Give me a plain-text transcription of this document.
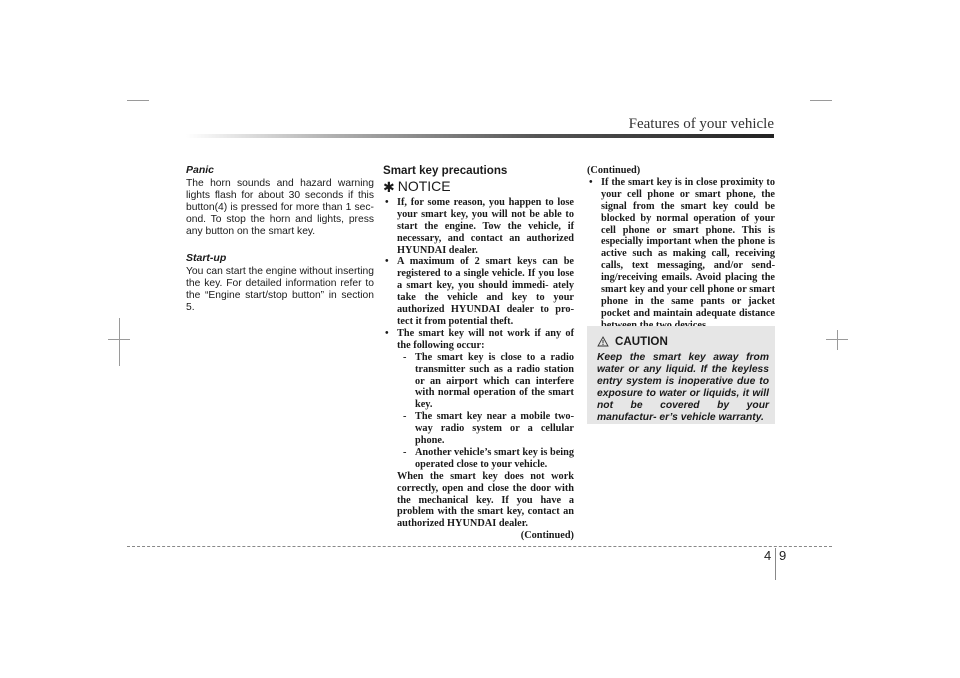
Features of your vehicle

Panic

The horn sounds and hazard warning lights flash for about 30 seconds if this button(4) is pressed for more than 1 sec- ond. To stop the horn and lights, press any button on the smart key.

Start-up

You can start the engine without inserting the key. For detailed information refer to the “Engine start/stop button” in section 5.

Smart key precautions

✱ NOTICE
• If, for some reason, you happen to lose your smart key, you will not be able to start the engine. Tow the vehicle, if necessary, and contact an authorized HYUNDAI dealer.
• A maximum of 2 smart keys can be registered to a single vehicle. If you lose a smart key, you should immedi- ately take the vehicle and key to your authorized HYUNDAI dealer to pro- tect it from potential theft.
• The smart key will not work if any of the following occur:
- The smart key is close to a radio transmitter such as a radio station or an airport which can interfere with normal operation of the smart key.
- The smart key near a mobile two- way radio system or a cellular phone.
- Another vehicle’s smart key is being operated close to your vehicle.
When the smart key does not work correctly, open and close the door with the mechanical key. If you have a problem with the smart key, contact an authorized HYUNDAI dealer.
(Continued)
(Continued)
• If the smart key is in close proximity to your cell phone or smart phone, the signal from the smart key could be blocked by normal operation of your cell phone or smart phone. This is especially important when the phone is active such as making call, receiving calls, text messaging, and/or send- ing/receiving emails. Avoid placing the smart key and your cell phone or smart phone in the same pants or jacket pocket and maintain adequate distance
CAUTION
Keep the smart key away from water or any liquid. If the keyless entry system is inoperative due to exposure to water or liquids, it will not be covered by your manufactur- er’s vehicle warranty.
4 9
